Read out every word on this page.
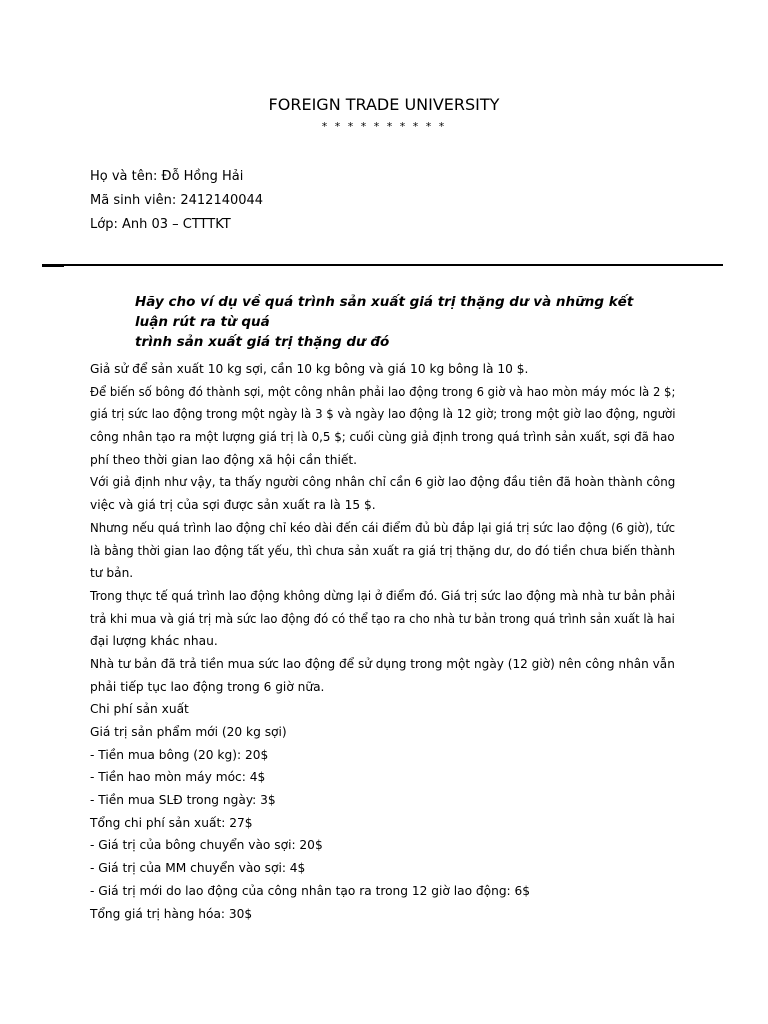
FOREIGN TRADE UNIVERSITY
* * * * * * * * * *
Họ và tên: Đỗ Hồng Hải
Mã sinh viên: 2412140044
Lớp: Anh 03 – CTTTKT
Hãy cho ví dụ về quá trình sản xuất giá trị thặng dư và những kết luận rút ra từ quá
trình sản xuất giá trị thặng dư đó
Giả sử để sản xuất 10 kg sợi, cần 10 kg bông và giá 10 kg bông là 10 $.
Để biến số bông đó thành sợi, một công nhân phải lao động trong 6 giờ và hao mòn máy móc là 2 $;
giá trị sức lao động trong một ngày là 3 $ và ngày lao động là 12 giờ; trong một giờ lao động, người
công nhân tạo ra một lượng giá trị là 0,5 $; cuối cùng giả định trong quá trình sản xuất, sợi đã hao
phí theo thời gian lao động xã hội cần thiết.
Với giả định như vậy, ta thấy người công nhân chỉ cần 6 giờ lao động đầu tiên đã hoàn thành công
việc và giá trị của sợi được sản xuất ra là 15 $.
Nhưng nếu quá trình lao động chỉ kéo dài đến cái điểm đủ bù đắp lại giá trị sức lao động (6 giờ), tức
là bằng thời gian lao động tất yếu, thì chưa sản xuất ra giá trị thặng dư, do đó tiền chưa biến thành
tư bản.
Trong thực tế quá trình lao động không dừng lại ở điểm đó. Giá trị sức lao động mà nhà tư bản phải
trả khi mua và giá trị mà sức lao động đó có thể tạo ra cho nhà tư bản trong quá trình sản xuất là hai
đại lượng khác nhau.
Nhà tư bản đã trả tiền mua sức lao động để sử dụng trong một ngày (12 giờ) nên công nhân vẫn
phải tiếp tục lao động trong 6 giờ nữa.
Chi phí sản xuất
Giá trị sản phẩm mới (20 kg sợi)
- Tiền mua bông (20 kg): 20$
- Tiền hao mòn máy móc: 4$
- Tiền mua SLĐ trong ngày: 3$
Tổng chi phí sản xuất: 27$
- Giá trị của bông chuyển vào sợi: 20$
- Giá trị của MM chuyển vào sợi: 4$
- Giá trị mới do lao động của công nhân tạo ra trong 12 giờ lao động: 6$
Tổng giá trị hàng hóa: 30$
